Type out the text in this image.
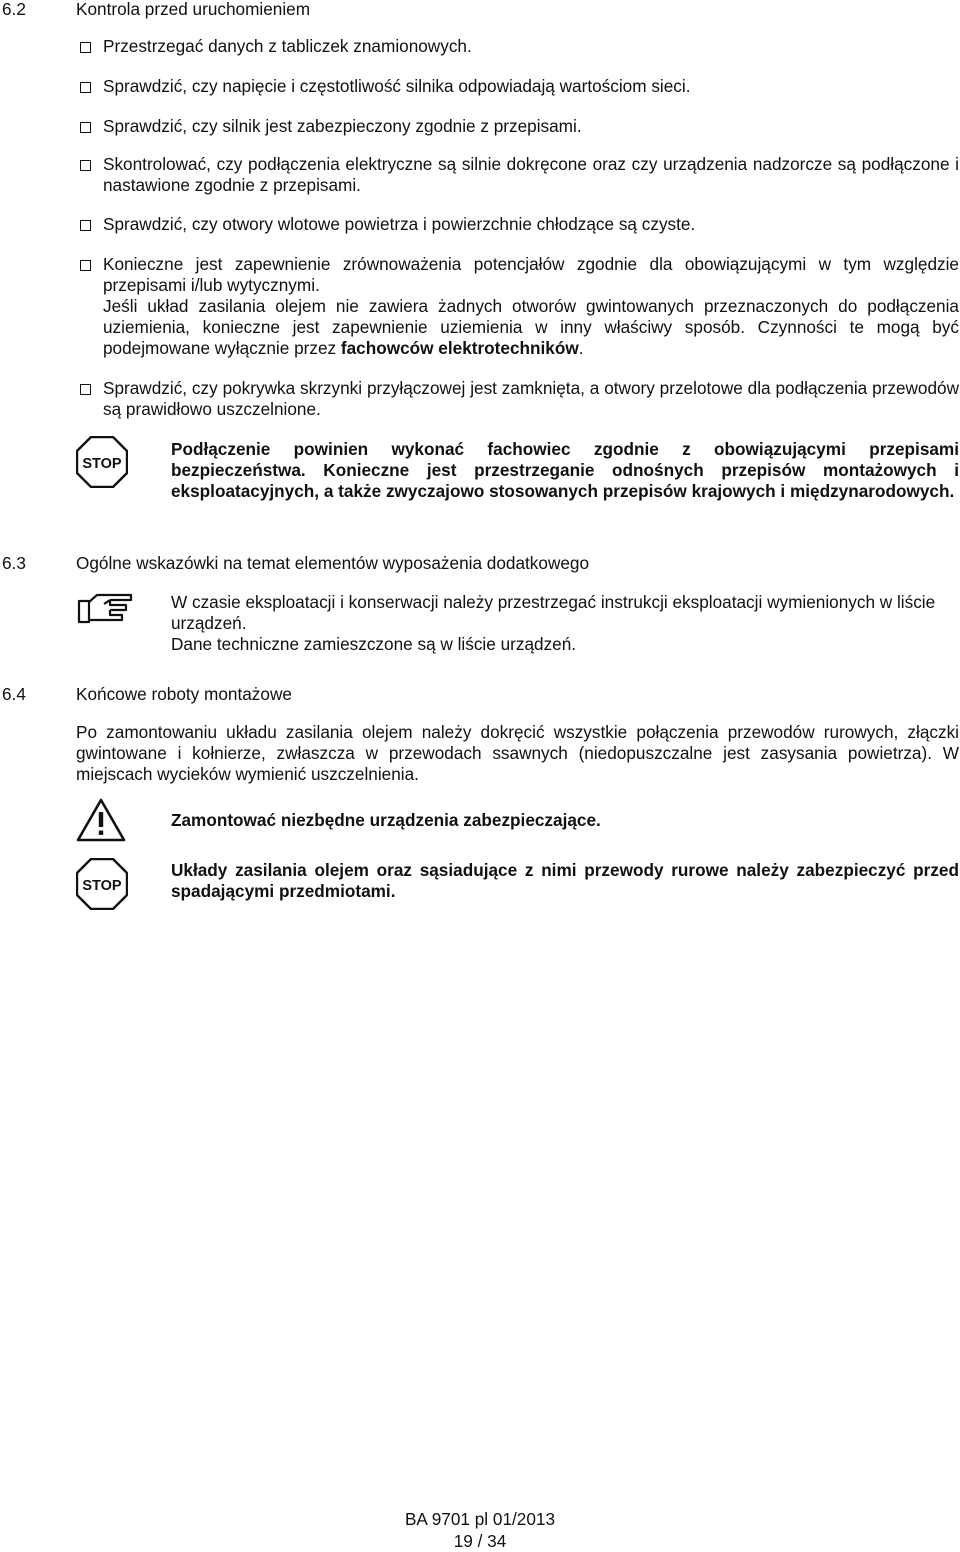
6.2	Kontrola przed uruchomieniem
Przestrzegać danych z tabliczek znamionowych.
Sprawdzić, czy napięcie i częstotliwość silnika odpowiadają wartościom sieci.
Sprawdzić, czy silnik jest zabezpieczony zgodnie z przepisami.
Skontrolować, czy podłączenia elektryczne są silnie dokręcone oraz czy urządzenia nadzorcze są podłączone i nastawione zgodnie z przepisami.
Sprawdzić, czy otwory wlotowe powietrza i powierzchnie chłodzące są czyste.
Konieczne jest zapewnienie zrównoważenia potencjałów zgodnie dla obowiązującymi w tym względzie przepisami i/lub wytycznymi.
Jeśli układ zasilania olejem nie zawiera żadnych otworów gwintowanych przeznaczonych do podłączenia uziemienia, konieczne jest zapewnienie uziemienia w inny właściwy sposób. Czynności te mogą być podejmowane wyłącznie przez fachowców elektrotechników.
Sprawdzić, czy pokrywka skrzynki przyłączowej jest zamknięta, a otwory przelotowe dla podłączenia przewodów są prawidłowo uszczelnione.
STOP
Podłączenie powinien wykonać fachowiec zgodnie z obowiązującymi przepisami bezpieczeństwa. Konieczne jest przestrzeganie odnośnych przepisów montażowych i eksploatacyjnych, a także zwyczajowo stosowanych przepisów krajowych i międzynarodowych.
6.3	Ogólne wskazówki na temat elementów wyposażenia dodatkowego
W czasie eksploatacji i konserwacji należy przestrzegać instrukcji eksploatacji wymienionych w liście urządzeń.
Dane techniczne zamieszczone są w liście urządzeń.
6.4	Końcowe roboty montażowe
Po zamontowaniu układu zasilania olejem należy dokręcić wszystkie połączenia przewodów rurowych, złączki gwintowane i kołnierze, zwłaszcza w przewodach ssawnych (niedopuszczalne jest zasysania powietrza). W miejscach wycieków wymienić uszczelnienia.
Zamontować niezbędne urządzenia zabezpieczające.
STOP
Układy zasilania olejem oraz sąsiadujące z nimi przewody rurowe należy zabezpieczyć przed spadającymi przedmiotami.
BA 9701 pl 01/2013
19 / 34
